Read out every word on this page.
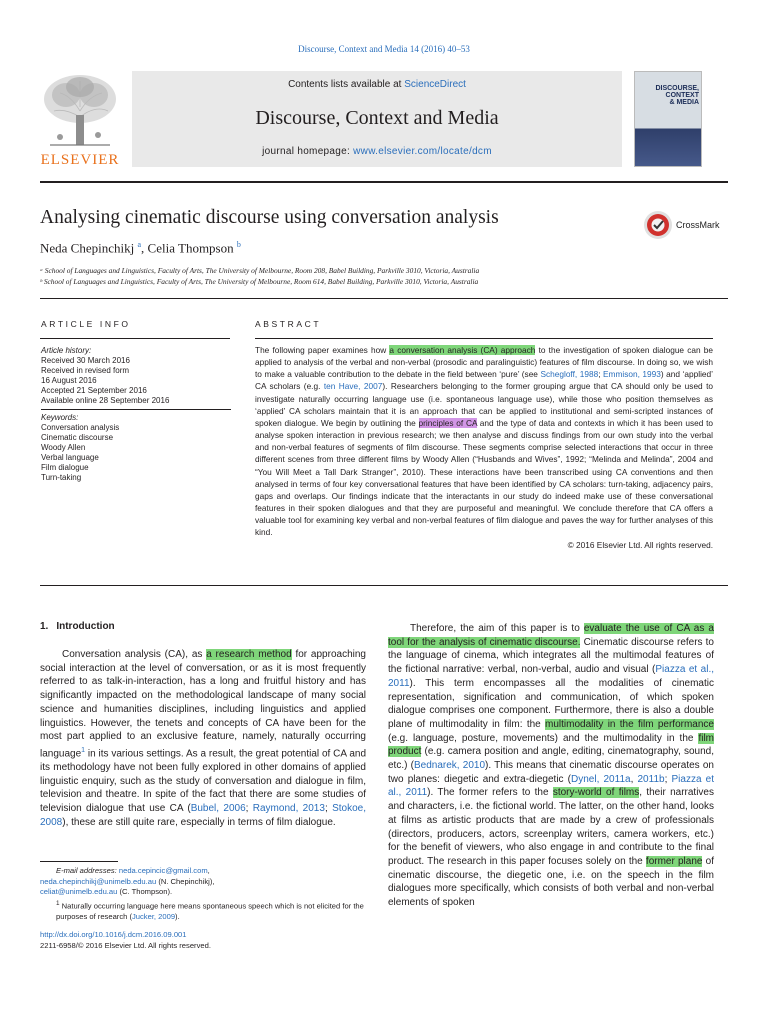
Discourse, Context and Media 14 (2016) 40–53
ELSEVIER
Contents lists available at ScienceDirect
Discourse, Context and Media
journal homepage: www.elsevier.com/locate/dcm
DISCOURSE,
CONTEXT
& MEDIA
Analysing cinematic discourse using conversation analysis	CrossMark
Neda Chepinchikj $^a$, Celia Thompson $^b$
ᵃ School of Languages and Linguistics, Faculty of Arts, The University of Melbourne, Room 208, Babel Building, Parkville 3010, Victoria, Australia
ᵇ School of Languages and Linguistics, Faculty of Arts, The University of Melbourne, Room 614, Babel Building, Parkville 3010, Victoria, Australia
ARTICLE INFO	ABSTRACT
Article history:
Received 30 March 2016
Received in revised form
16 August 2016
Accepted 21 September 2016
Available online 28 September 2016
Keywords:
Conversation analysis
Cinematic discourse
Woody Allen
Verbal language
Film dialogue
Turn-taking
The following paper examines how a conversation analysis (CA) approach to the investigation of spoken dialogue can be applied to analysis of the verbal and non-verbal (prosodic and paralinguistic) features of film discourse. In doing so, we wish to make a valuable contribution to the debate in the field between ‘pure’ (see Schegloff, 1988; Emmison, 1993) and ‘applied’ CA scholars (e.g. ten Have, 2007). Researchers belonging to the former grouping argue that CA should only be used to investigate naturally occurring language use (i.e. spontaneous language use), while those who position themselves as ‘applied’ CA scholars maintain that it is an approach that can be applied to institutional and semi-scripted instances of spoken dialogue. We begin by outlining the principles of CA and the type of data and contexts in which it has been used to analyse spoken interaction in previous research; we then analyse and discuss findings from our own study into the verbal and non-verbal features of segments of film discourse. These segments comprise selected interactions that occur in three different scenes from three different films by Woody Allen (“Husbands and Wives”, 1992; “Melinda and Melinda”, 2004 and “You Will Meet a Tall Dark Stranger”, 2010). These interactions have been transcribed using CA conventions and then analysed in terms of four key conversational features that have been identified by CA scholars: turn-taking, adjacency pairs, gaps and overlaps. Our findings indicate that the interactants in our study do indeed make use of these conversational features in their spoken dialogues and that they are purposeful and meaningful. We conclude therefore that CA offers a valuable tool for examining key verbal and non-verbal features of film dialogue and paves the way for further analyses of this kind.
© 2016 Elsevier Ltd. All rights reserved.
1. Introduction

Conversation analysis (CA), as a research method for approaching social interaction at the level of conversation, or as it is most frequently referred to as talk-in-interaction, has a long and fruitful history and has significantly impacted on the methodological landscape of many social science and humanities disciplines, including linguistics and applied linguistics. However, the tenets and concepts of CA have been for the most part applied to an exclusive feature, namely, naturally occurring language$^1$ in its various settings. As a result, the great potential of CA and its methodology have not been fully explored in other domains of applied linguistic enquiry, such as the study of conversation and dialogue in film, television and theatre. In spite of the fact that there are some studies of television dialogue that use CA (Bubel, 2006; Raymond, 2013; Stokoe, 2008), these are still quite rare, especially in terms of film dialogue.

Therefore, the aim of this paper is to evaluate the use of CA as a tool for the analysis of cinematic discourse. Cinematic discourse refers to the language of cinema, which integrates all the multimodal features of the fictional narrative: verbal, non-verbal, audio and visual (Piazza et al., 2011). This term encompasses all the modalities of cinematic representation, signification and communication, of which spoken dialogue comprises one component. Furthermore, there is also a double plane of multimodality in film: the multimodality in the film performance (e.g. language, posture, movements) and the multimodality in the film product (e.g. camera position and angle, editing, cinematography, sound, etc.) (Bednarek, 2010). This means that cinematic discourse operates on two planes: diegetic and extra-diegetic (Dynel, 2011a, 2011b; Piazza et al., 2011). The former refers to the story-world of films, their narratives and characters, i.e. the fictional world. The latter, on the other hand, looks at films as artistic products that are made by a crew of professionals (directors, producers, actors, screenplay writers, camera workers, etc.) for the benefit of viewers, who also engage in and contribute to the final product. The research in this paper focuses solely on the former plane of cinematic discourse, the diegetic one, i.e. on the speech in the film dialogues more specifically, which consists of both verbal and non-verbal elements of spoken

E-mail addresses: neda.cepincic@gmail.com,
neda.chepinchikj@unimelb.edu.au (N. Chepinchikj),
celiat@unimelb.edu.au (C. Thompson).
$^1$ Naturally occurring language here means spontaneous speech which is not elicited for the purposes of research (Jucker, 2009).
http://dx.doi.org/10.1016/j.dcm.2016.09.001
2211-6958/© 2016 Elsevier Ltd. All rights reserved.
